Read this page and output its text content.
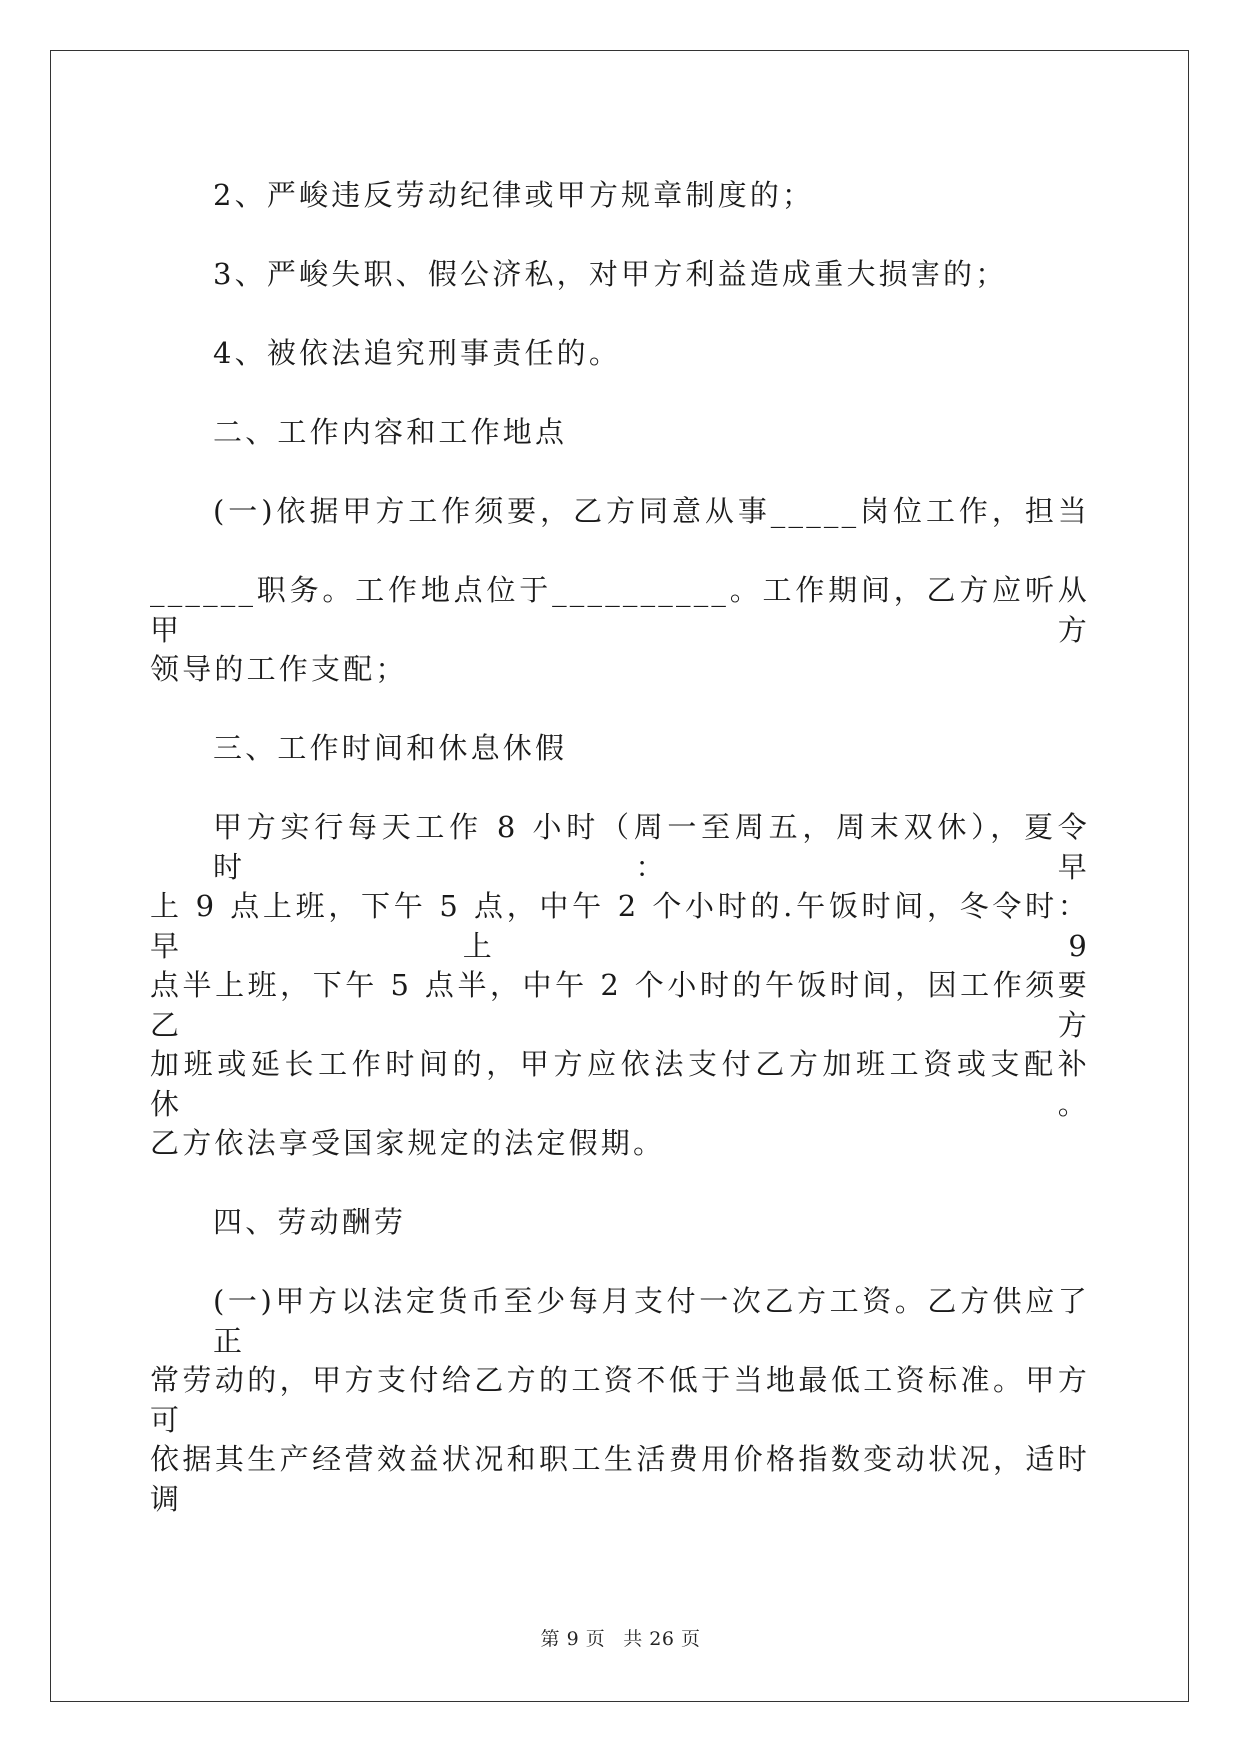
2、严峻违反劳动纪律或甲方规章制度的；
3、严峻失职、假公济私，对甲方利益造成重大损害的；
4、被依法追究刑事责任的。
二、工作内容和工作地点
(一)依据甲方工作须要，乙方同意从事_____岗位工作，担当
______职务。工作地点位于__________。工作期间，乙方应听从甲方
领导的工作支配；
三、工作时间和休息休假
甲方实行每天工作 8 小时（周一至周五，周末双休），夏令时：早
上 9 点上班，下午 5 点，中午 2 个小时的.午饭时间，冬令时：早上 9
点半上班，下午 5 点半，中午 2 个小时的午饭时间，因工作须要乙方
加班或延长工作时间的，甲方应依法支付乙方加班工资或支配补休。
乙方依法享受国家规定的法定假期。
四、劳动酬劳
(一)甲方以法定货币至少每月支付一次乙方工资。乙方供应了正
常劳动的，甲方支付给乙方的工资不低于当地最低工资标准。甲方可
依据其生产经营效益状况和职工生活费用价格指数变动状况，适时调
第 9 页 共 26 页
